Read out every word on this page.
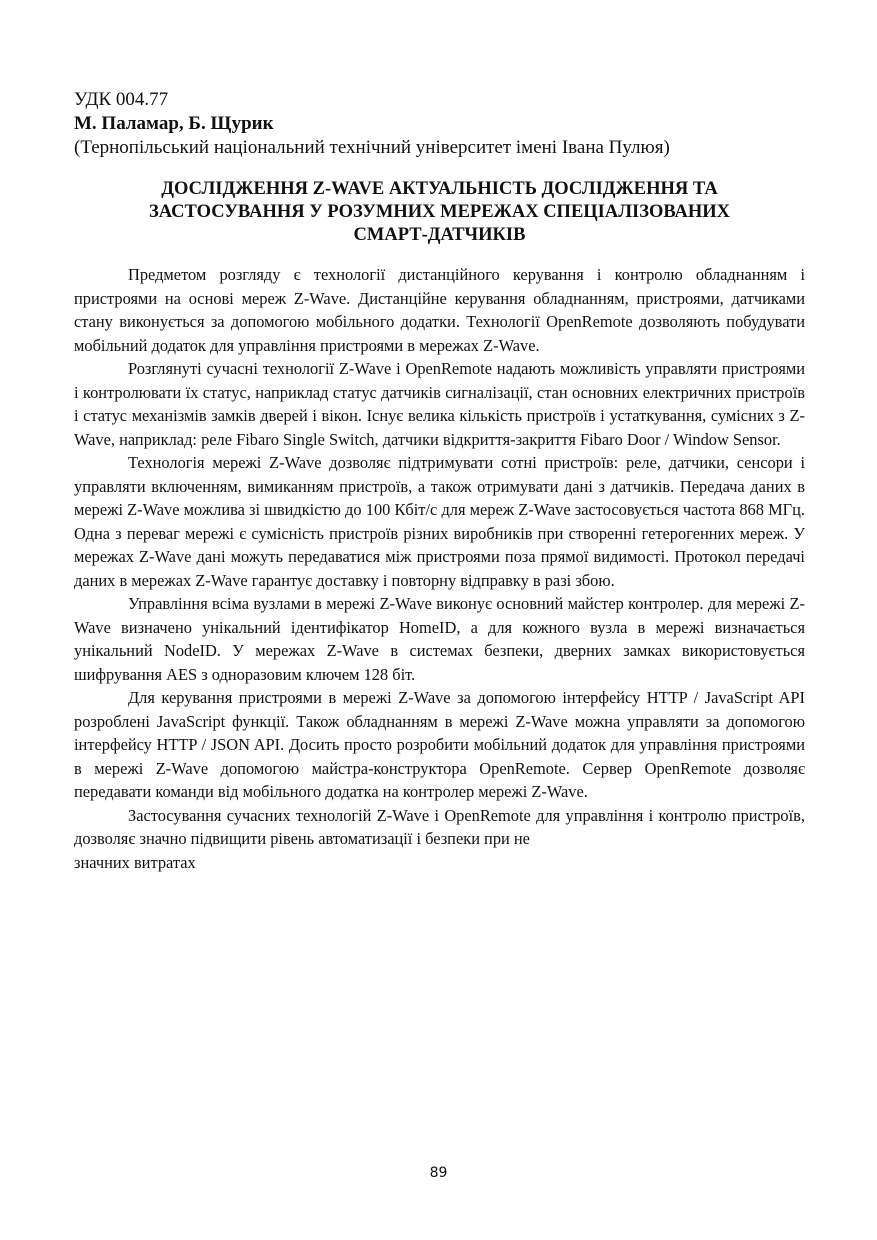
УДК 004.77

М. Паламар, Б. Щурик

(Тернопільський національний технічний університет імені Івана Пулюя)

ДОСЛІДЖЕННЯ Z-WAVE АКТУАЛЬНІСТЬ ДОСЛІДЖЕННЯ ТА
ЗАСТОСУВАННЯ У РОЗУМНИХ МЕРЕЖАХ СПЕЦІАЛІЗОВАНИХ
СМАРТ-ДАТЧИКІВ

Предметом розгляду є технології дистанційного керування і контролю обладнанням і пристроями на основі мереж Z-Wave. Дистанційне керування обладнанням, пристроями, датчиками стану виконується за допомогою мобільного додатки. Технології OpenRemote дозволяють побудувати мобільний додаток для управління пристроями в мережах Z-Wave.

Розглянуті сучасні технології Z-Wave і OpenRemote надають можливість управляти пристроями і контролювати їх статус, наприклад статус датчиків сигналізації, стан основних електричних пристроїв і статус механізмів замків дверей і вікон. Існує велика кількість пристроїв і устаткування, сумісних з Z-Wave, наприклад: реле Fibaro Single Switch, датчики відкриття-закриття Fibaro Door / Window Sensor.

Технологія мережі Z-Wave дозволяє підтримувати сотні пристроїв: реле, датчики, сенсори і управляти включенням, вимиканням пристроїв, а також отримувати дані з датчиків. Передача даних в мережі Z-Wave можлива зі швидкістю до 100 Кбіт/с для мереж Z-Wave застосовується частота 868 МГц. Одна з переваг мережі є сумісність пристроїв різних виробників при створенні гетерогенних мереж. У мережах Z-Wave дані можуть передаватися між пристроями поза прямої видимості. Протокол передачі даних в мережах Z-Wave гарантує доставку і повторну відправку в разі збою.

Управління всіма вузлами в мережі Z-Wave виконує основний майстер контролер. для мережі Z-Wave визначено унікальний ідентифікатор HomeID, а для кожного вузла в мережі визначається унікальний NodeID. У мережах Z-Wave в системах безпеки, дверних замках використовується шифрування AES з одноразовим ключем 128 біт.

Для керування пристроями в мережі Z-Wave за допомогою інтерфейсу HTTP / JavaScript API розроблені JavaScript функції. Також обладнанням в мережі Z-Wave можна управляти за допомогою інтерфейсу HTTP / JSON API. Досить просто розробити мобільний додаток для управління пристроями в мережі Z-Wave допомогою майстра-конструктора OpenRemote. Сервер OpenRemote дозволяє передавати команди від мобільного додатка на контролер мережі Z-Wave.

Застосування сучасних технологій Z-Wave і OpenRemote для управління і контролю пристроїв, дозволяє значно підвищити рівень автоматизації і безпеки при не

значних витратах

89
